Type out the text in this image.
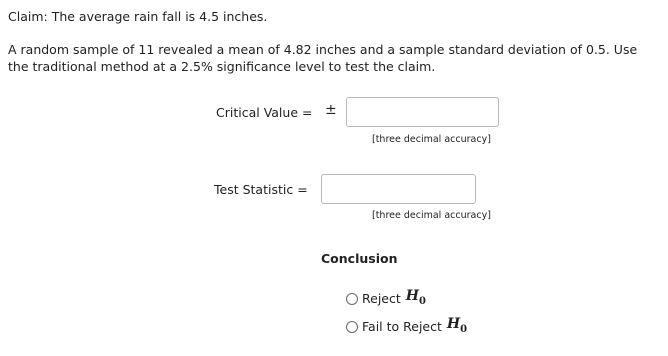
Claim: The average rain fall is 4.5 inches.
A random sample of 11 revealed a mean of 4.82 inches and a sample standard deviation of 0.5. Use the traditional method at a 2.5% significance level to test the claim.
Critical Value = ±
[three decimal accuracy]
Test Statistic =
[three decimal accuracy]
Conclusion
Reject $H_0$
Fail to Reject $H_0$
